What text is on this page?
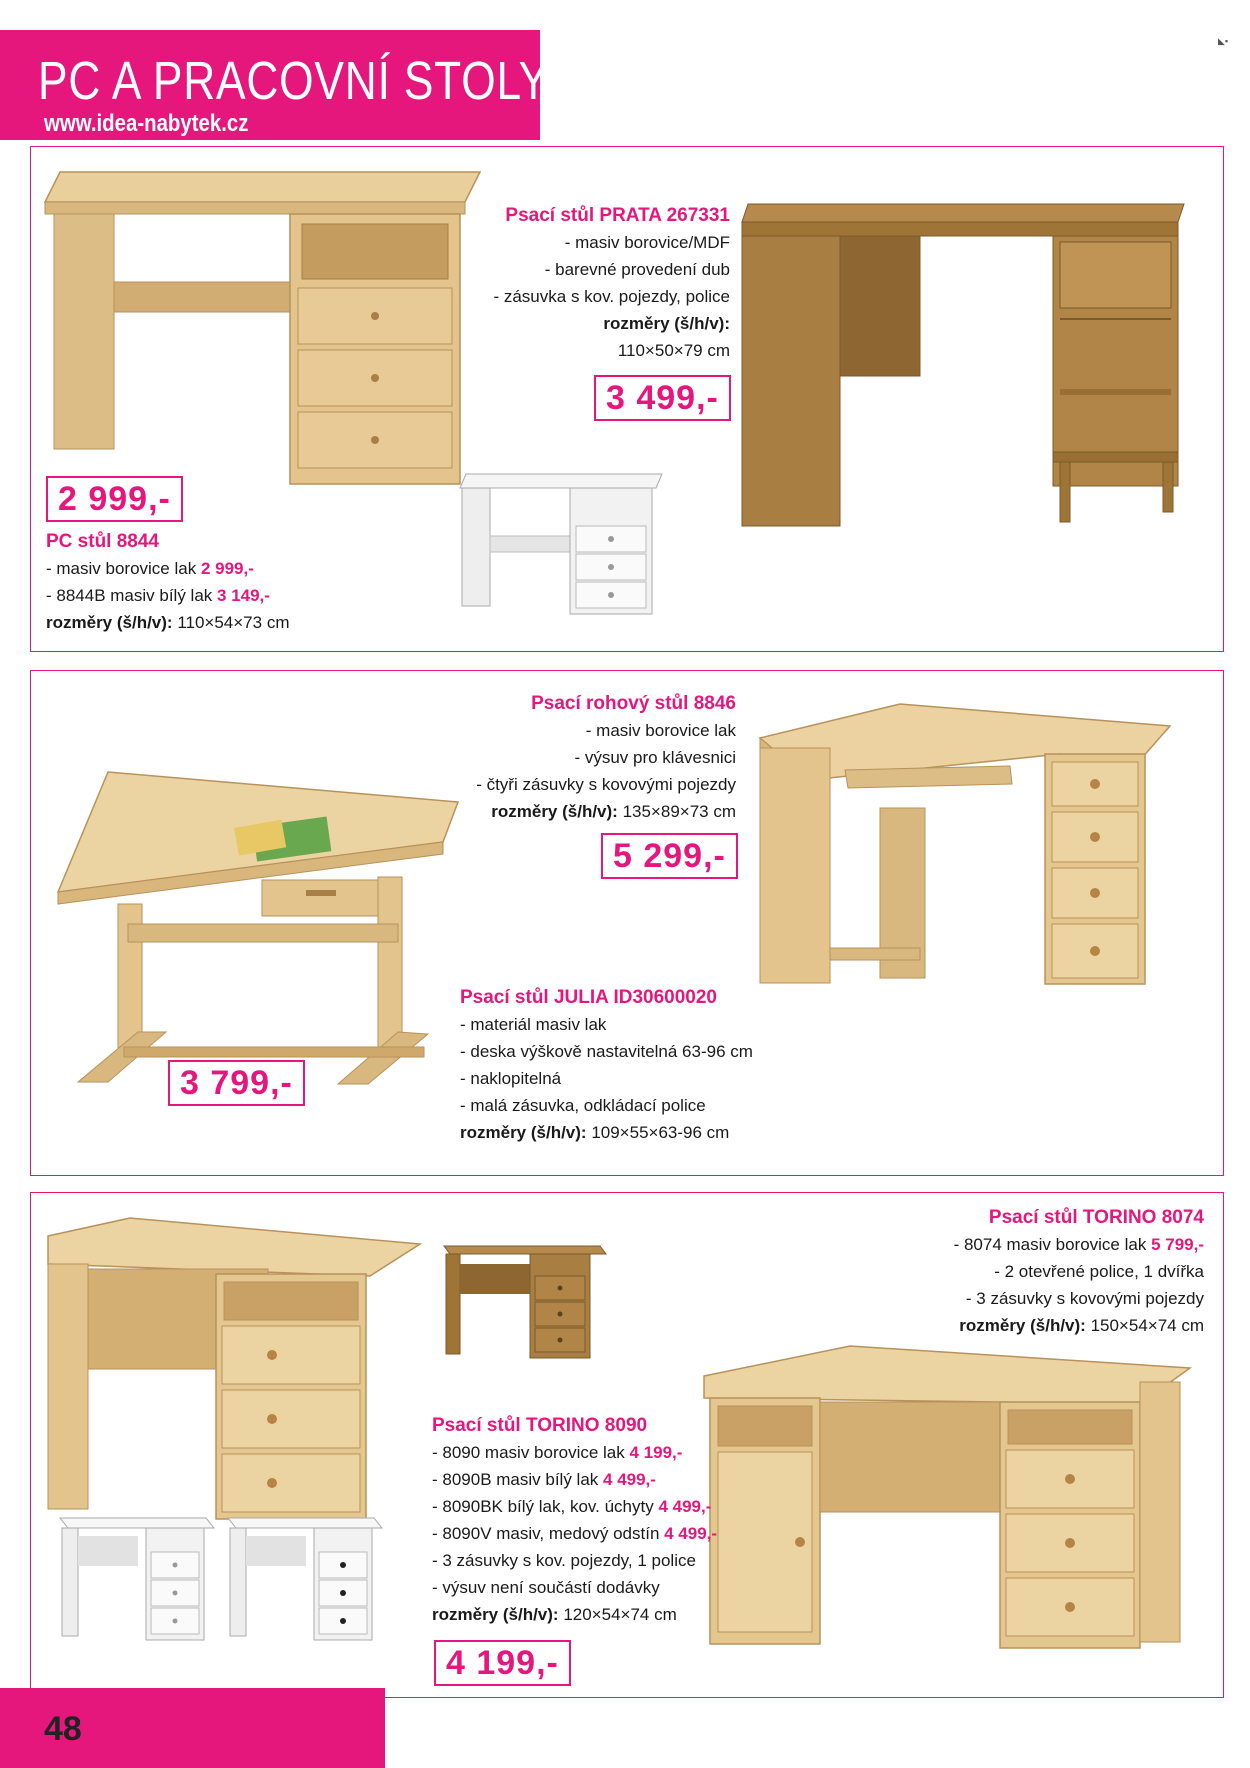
PC A PRACOVNÍ STOLY
www.idea-nabytek.cz
◣▪
Psací stůl PRATA 267331
- masiv borovice/MDF
- barevné provedení dub
- zásuvka s kov. pojezdy, police
rozměry (š/h/v):
110×50×79 cm
3 499,-
2 999,-
PC stůl 8844
- masiv borovice lak 2 999,-
- 8844B masiv bílý lak 3 149,-
rozměry (š/h/v): 110×54×73 cm
3 799,-
Psací rohový stůl 8846
- masiv borovice lak
- výsuv pro klávesnici
- čtyři zásuvky s kovovými pojezdy
rozměry (š/h/v): 135×89×73 cm
5 299,-
Psací stůl JULIA ID30600020
- materiál masiv lak
- deska výškově nastavitelná 63-96 cm
- naklopitelná
- malá zásuvka, odkládací police
rozměry (š/h/v): 109×55×63-96 cm
Psací stůl TORINO 8074
- 8074 masiv borovice lak 5 799,-
- 2 otevřené police, 1 dvířka
- 3 zásuvky s kovovými pojezdy
rozměry (š/h/v): 150×54×74 cm
Psací stůl TORINO 8090
- 8090 masiv borovice lak 4 199,-
- 8090B masiv bílý lak 4 499,-
- 8090BK bílý lak, kov. úchyty 4 499,-
- 8090V masiv, medový odstín 4 499,-
- 3 zásuvky s kov. pojezdy, 1 police
- výsuv není součástí dodávky
rozměry (š/h/v): 120×54×74 cm
4 199,-
48
